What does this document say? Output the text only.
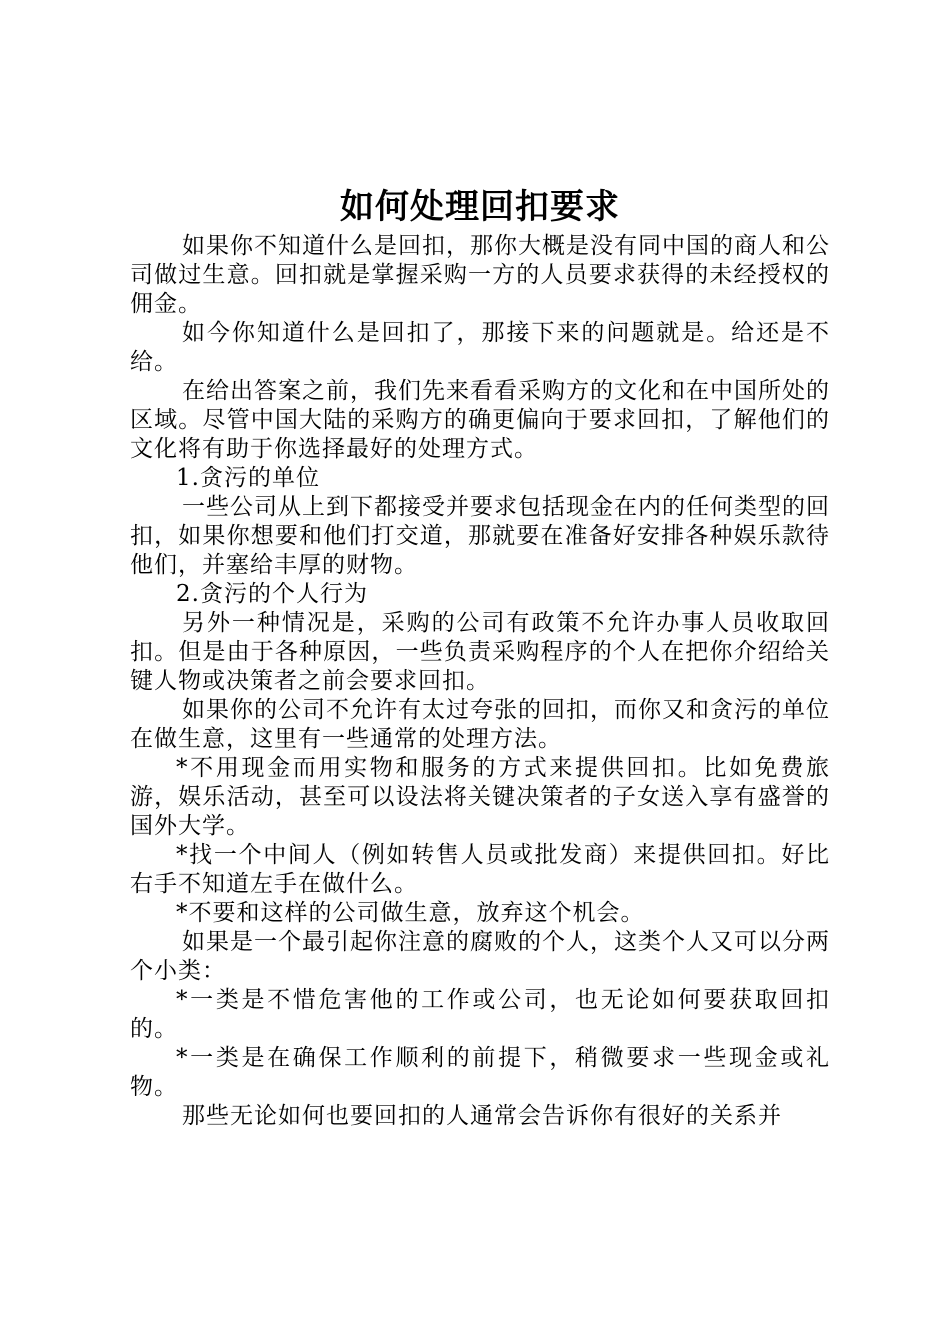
如何处理回扣要求

如果你不知道什么是回扣，那你大概是没有同中国的商人和公司做过生意。回扣就是掌握采购一方的人员要求获得的未经授权的佣金。

如今你知道什么是回扣了，那接下来的问题就是。给还是不给。

在给出答案之前，我们先来看看采购方的文化和在中国所处的区域。尽管中国大陆的采购方的确更偏向于要求回扣，了解他们的文化将有助于你选择最好的处理方式。

1.贪污的单位

一些公司从上到下都接受并要求包括现金在内的任何类型的回扣，如果你想要和他们打交道，那就要在准备好安排各种娱乐款待他们，并塞给丰厚的财物。

2.贪污的个人行为

另外一种情况是，采购的公司有政策不允许办事人员收取回扣。但是由于各种原因，一些负责采购程序的个人在把你介绍给关键人物或决策者之前会要求回扣。

如果你的公司不允许有太过夸张的回扣，而你又和贪污的单位在做生意，这里有一些通常的处理方法。

*不用现金而用实物和服务的方式来提供回扣。比如免费旅游，娱乐活动，甚至可以设法将关键决策者的子女送入享有盛誉的国外大学。

*找一个中间人（例如转售人员或批发商）来提供回扣。好比右手不知道左手在做什么。

*不要和这样的公司做生意，放弃这个机会。

如果是一个最引起你注意的腐败的个人，这类个人又可以分两个小类：

*一类是不惜危害他的工作或公司，也无论如何要获取回扣的。

*一类是在确保工作顺利的前提下，稍微要求一些现金或礼物。

那些无论如何也要回扣的人通常会告诉你有很好的关系并
